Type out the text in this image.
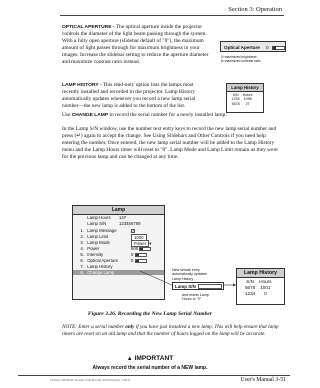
Section 3: Operation
OPTICAL APERTURE - The optical aperture inside the projector controls the diameter of the light beam passing through the system. With a fully open aperture (slidebar default of "0"), the maximum amount of light passes through for maximum brightness in your images. Increase the slidebar setting to reduce the aperture diameter and maximize contrast ratio instead.
Optical Aperture 0
0=maximized brightness
8=maximized contrast ratio
LAMP HISTORY - This read-only option lists the lamps most recently installed and recorded in the projector. Lamp History automatically updates whenever you record a new lamp serial number—the new lamp is added to the bottom of the list.
Lamp History
S/N	Hours
1234	1098
5678	27
Use CHANGE LAMP to record the serial number for a newly installed lamp:
In the Lamp S/N window, use the number text entry keys to record the new lamp serial number and press (↵) again to accept the change. See Using Slidebars and Other Controls if you need help entering the number. Once entered, the new lamp serial number will be added to the Lamp History menu and the Lamp Hours timer will reset to "0". Lamp Mode and Lamp Limit remain as they were for the previous lamp and can be changed at any time.
Lamp
Lamp Hours 147
Lamp S/N	123456789
1. Lamp Message	✓
2. Lamp Limit	1000
3. Lamp Mode	Power ▾
4. Power	500
5. Intensity	0
6. Optical Aperture	0
7. Lamp History
8. Change Lamp	New serial# entry
automatically updates
Lamp History . . .
Lamp S/N
and resets Lamp
Hours to "0"
Lamp History
S/N	Hours
5678	1001
1234	0
Figure 3.26. Recording the New Lamp Serial Number
NOTE: Enter a serial number only if you have just installed a new lamp. This will help ensure that lamp timers are reset on an old lamp and that the number of hours logged on the lamp will be accurate.
▲ IMPORTANT
Always record the serial number of a NEW lamp.
Christie DHD600 Roadie 25K/Roadie 4000/Digital 3-DLP	User's Manual 3-51
